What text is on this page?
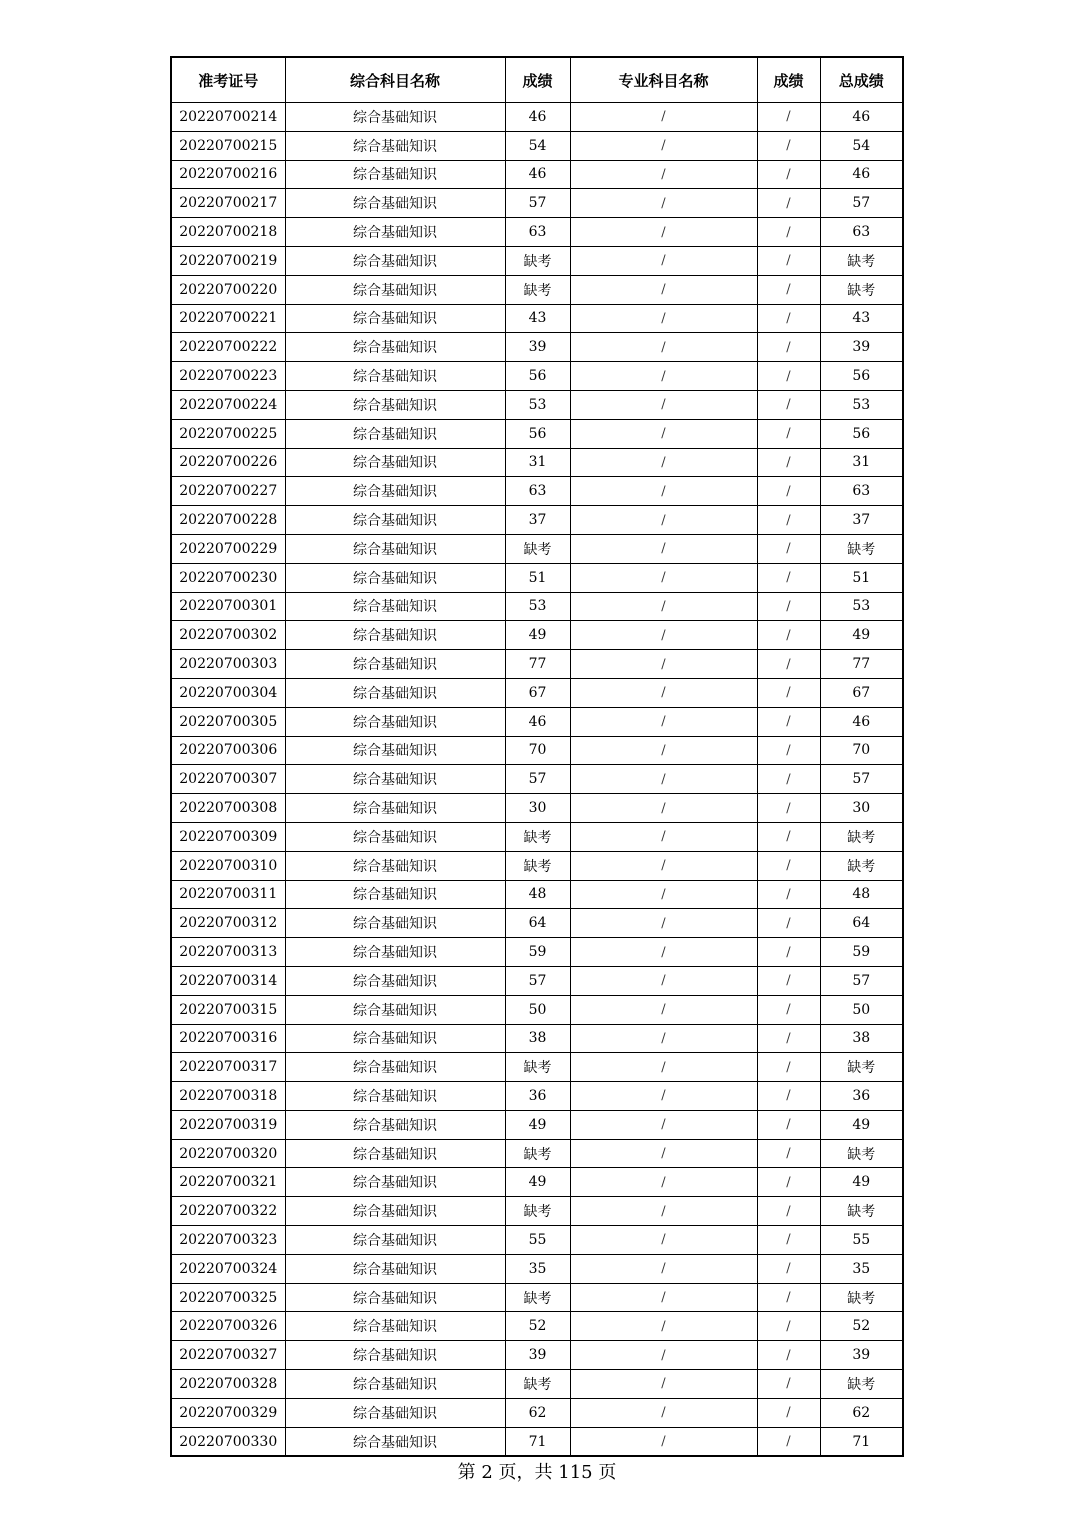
准考证号	综合科目名称	成绩	专业科目名称	成绩	总成绩
20220700214	综合基础知识	46	/	/	46
20220700215	综合基础知识	54	/	/	54
20220700216	综合基础知识	46	/	/	46
20220700217	综合基础知识	57	/	/	57
20220700218	综合基础知识	63	/	/	63
20220700219	综合基础知识	缺考	/	/	缺考
20220700220	综合基础知识	缺考	/	/	缺考
20220700221	综合基础知识	43	/	/	43
20220700222	综合基础知识	39	/	/	39
20220700223	综合基础知识	56	/	/	56
20220700224	综合基础知识	53	/	/	53
20220700225	综合基础知识	56	/	/	56
20220700226	综合基础知识	31	/	/	31
20220700227	综合基础知识	63	/	/	63
20220700228	综合基础知识	37	/	/	37
20220700229	综合基础知识	缺考	/	/	缺考
20220700230	综合基础知识	51	/	/	51
20220700301	综合基础知识	53	/	/	53
20220700302	综合基础知识	49	/	/	49
20220700303	综合基础知识	77	/	/	77
20220700304	综合基础知识	67	/	/	67
20220700305	综合基础知识	46	/	/	46
20220700306	综合基础知识	70	/	/	70
20220700307	综合基础知识	57	/	/	57
20220700308	综合基础知识	30	/	/	30
20220700309	综合基础知识	缺考	/	/	缺考
20220700310	综合基础知识	缺考	/	/	缺考
20220700311	综合基础知识	48	/	/	48
20220700312	综合基础知识	64	/	/	64
20220700313	综合基础知识	59	/	/	59
20220700314	综合基础知识	57	/	/	57
20220700315	综合基础知识	50	/	/	50
20220700316	综合基础知识	38	/	/	38
20220700317	综合基础知识	缺考	/	/	缺考
20220700318	综合基础知识	36	/	/	36
20220700319	综合基础知识	49	/	/	49
20220700320	综合基础知识	缺考	/	/	缺考
20220700321	综合基础知识	49	/	/	49
20220700322	综合基础知识	缺考	/	/	缺考
20220700323	综合基础知识	55	/	/	55
20220700324	综合基础知识	35	/	/	35
20220700325	综合基础知识	缺考	/	/	缺考
20220700326	综合基础知识	52	/	/	52
20220700327	综合基础知识	39	/	/	39
20220700328	综合基础知识	缺考	/	/	缺考
20220700329	综合基础知识	62	/	/	62
20220700330	综合基础知识	71	/	/	71
第 2 页，共 115 页
